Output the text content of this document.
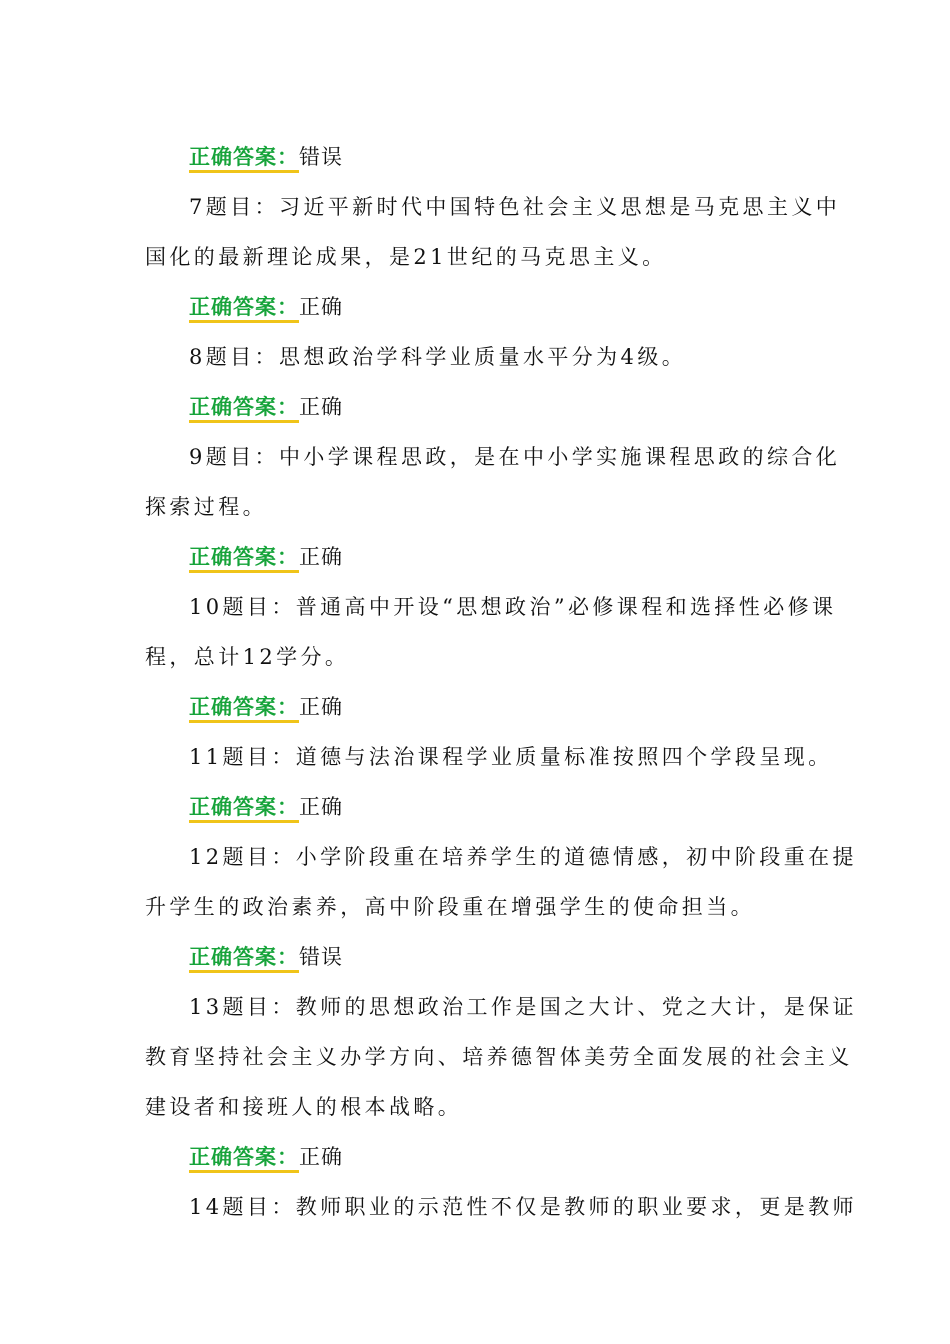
正确答案：错误
7题目：习近平新时代中国特色社会主义思想是马克思主义中
国化的最新理论成果，是21世纪的马克思主义。
正确答案：正确
8题目：思想政治学科学业质量水平分为4级。
正确答案：正确
9题目：中小学课程思政，是在中小学实施课程思政的综合化
探索过程。
正确答案：正确
10题目：普通高中开设“思想政治”必修课程和选择性必修课
程，总计12学分。
正确答案：正确
11题目：道德与法治课程学业质量标准按照四个学段呈现。
正确答案：正确
12题目：小学阶段重在培养学生的道德情感，初中阶段重在提
升学生的政治素养，高中阶段重在增强学生的使命担当。
正确答案：错误
13题目：教师的思想政治工作是国之大计、党之大计，是保证
教育坚持社会主义办学方向、培养德智体美劳全面发展的社会主义
建设者和接班人的根本战略。
正确答案：正确
14题目：教师职业的示范性不仅是教师的职业要求，更是教师
